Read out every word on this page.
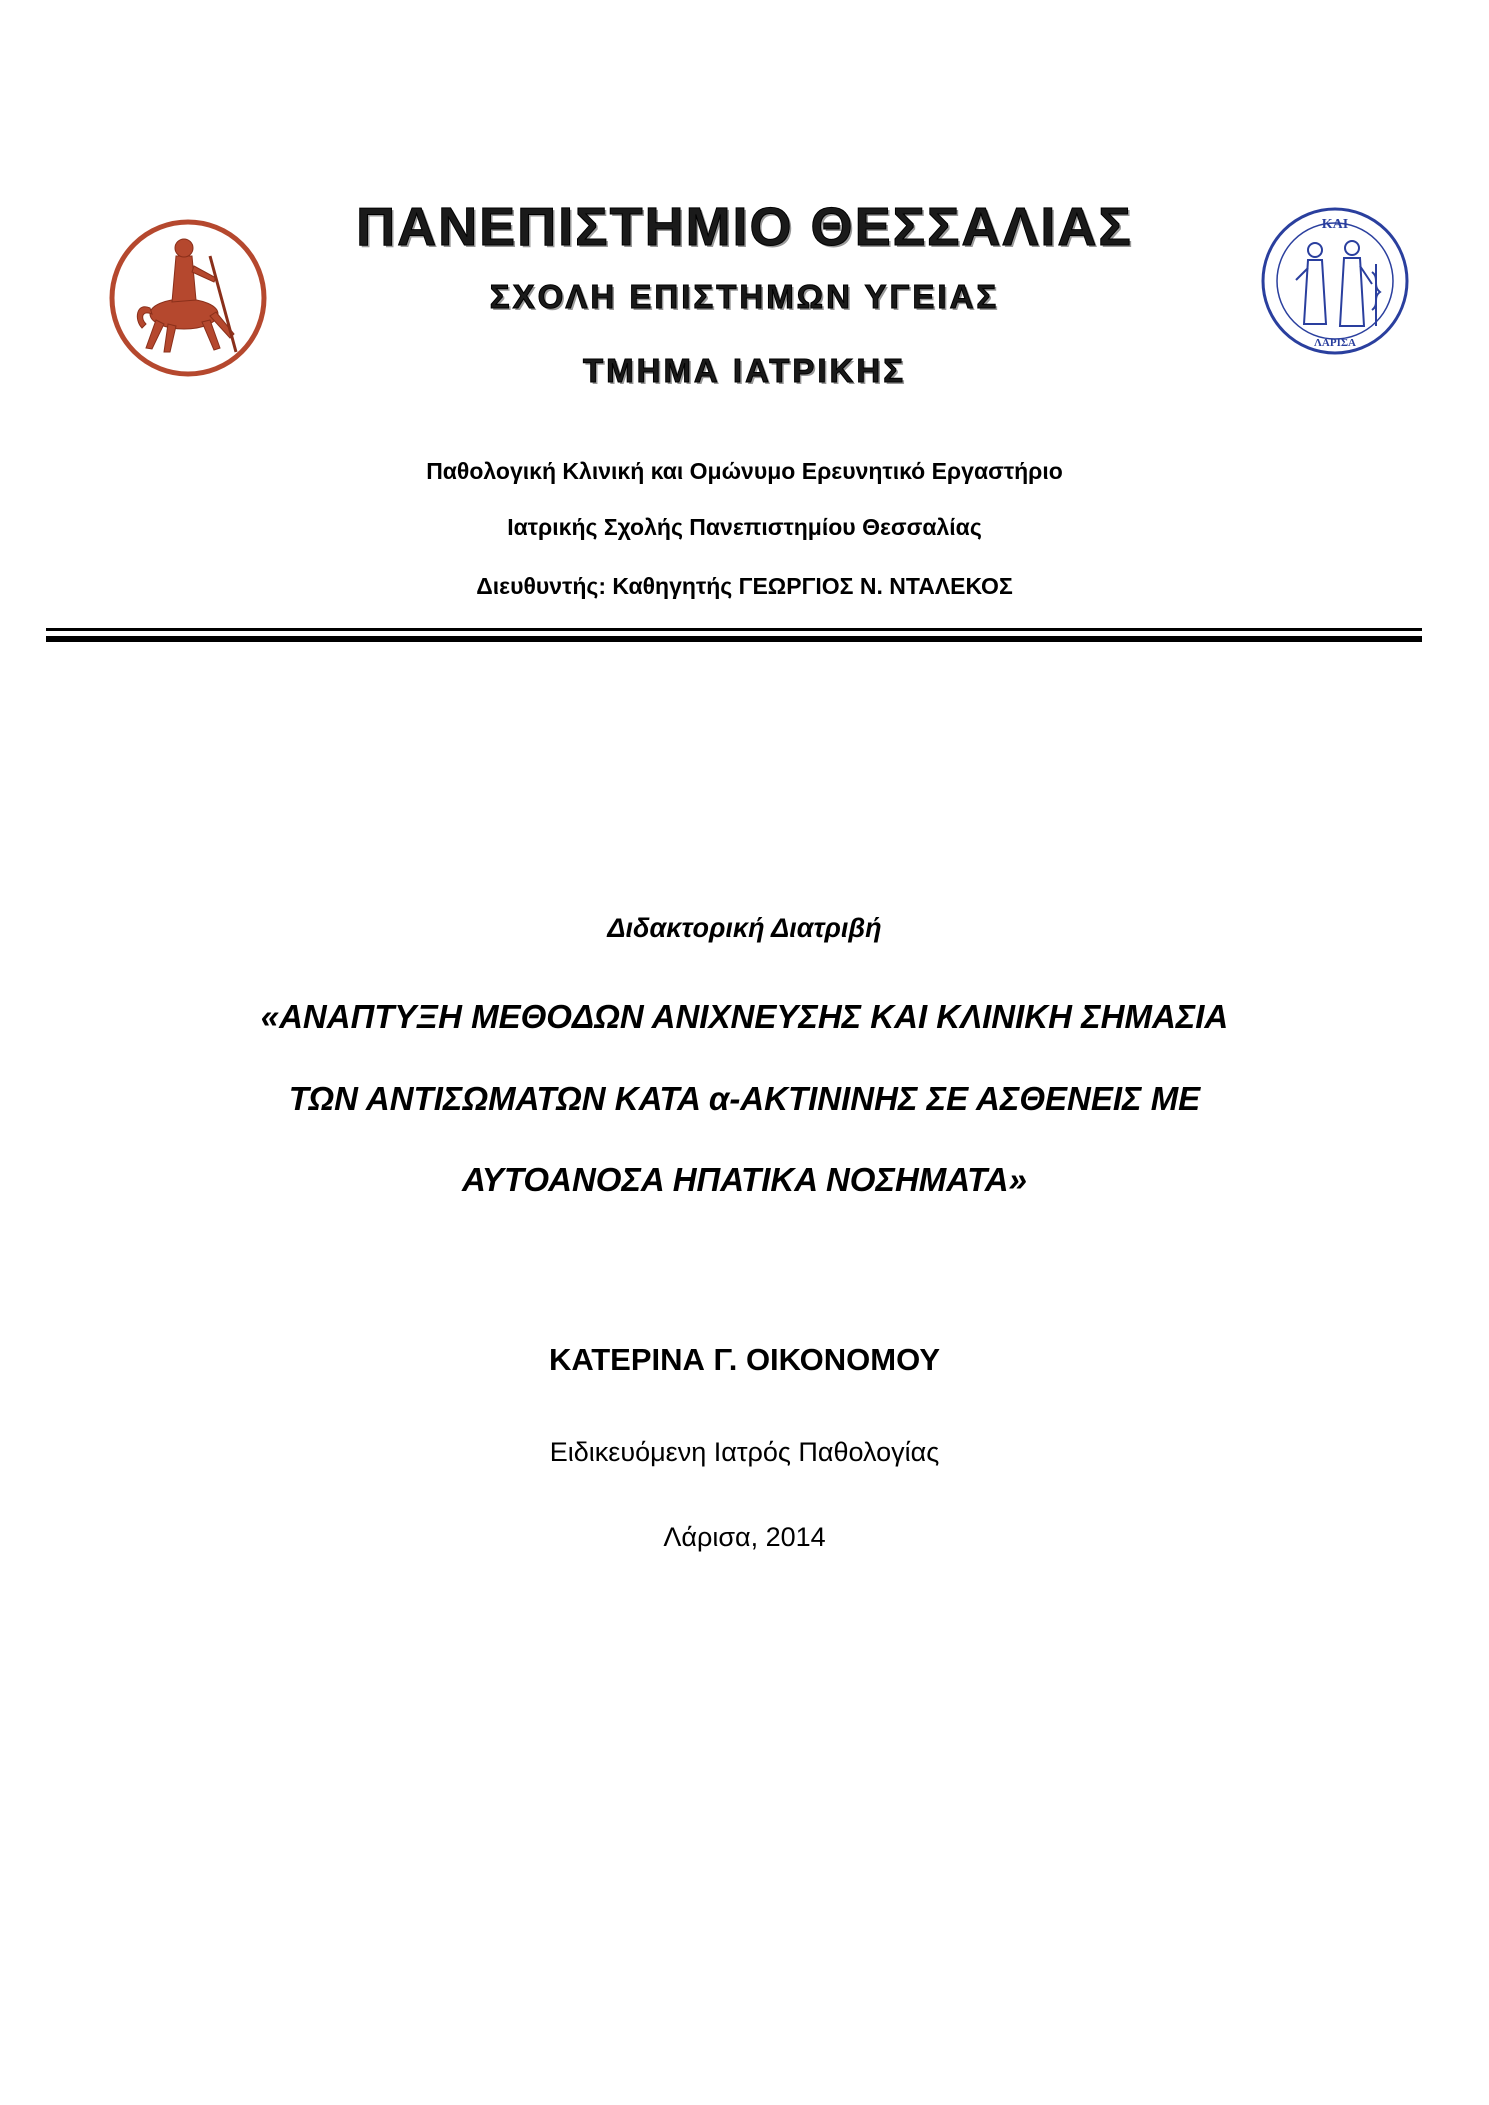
ΚΑΙ
ΛΑΡΙΣΑ
ΠΑΝΕΠΙΣΤΗΜΙΟ ΘΕΣΣΑΛΙΑΣ
ΣΧΟΛΗ ΕΠΙΣΤΗΜΩΝ ΥΓΕΙΑΣ
ΤΜΗΜΑ ΙΑΤΡΙΚΗΣ
Παθολογική Κλινική και Ομώνυμο Ερευνητικό Εργαστήριο
Ιατρικής Σχολής Πανεπιστημίου Θεσσαλίας
Διευθυντής: Καθηγητής ΓΕΩΡΓΙΟΣ Ν. ΝΤΑΛΕΚΟΣ
Διδακτορική Διατριβή
«ΑΝΑΠΤΥΞΗ ΜΕΘΟΔΩΝ ΑΝΙΧΝΕΥΣΗΣ ΚΑΙ ΚΛΙΝΙΚΗ ΣΗΜΑΣΙΑ
ΤΩΝ ΑΝΤΙΣΩΜΑΤΩΝ ΚΑΤΑ α-ΑΚΤΙΝΙΝΗΣ ΣΕ ΑΣΘΕΝΕΙΣ ΜΕ
ΑΥΤΟΑΝΟΣΑ ΗΠΑΤΙΚΑ ΝΟΣΗΜΑΤΑ»
ΚΑΤΕΡΙΝΑ Γ. ΟΙΚΟΝΟΜΟΥ
Ειδικευόμενη Ιατρός Παθολογίας
Λάρισα, 2014
